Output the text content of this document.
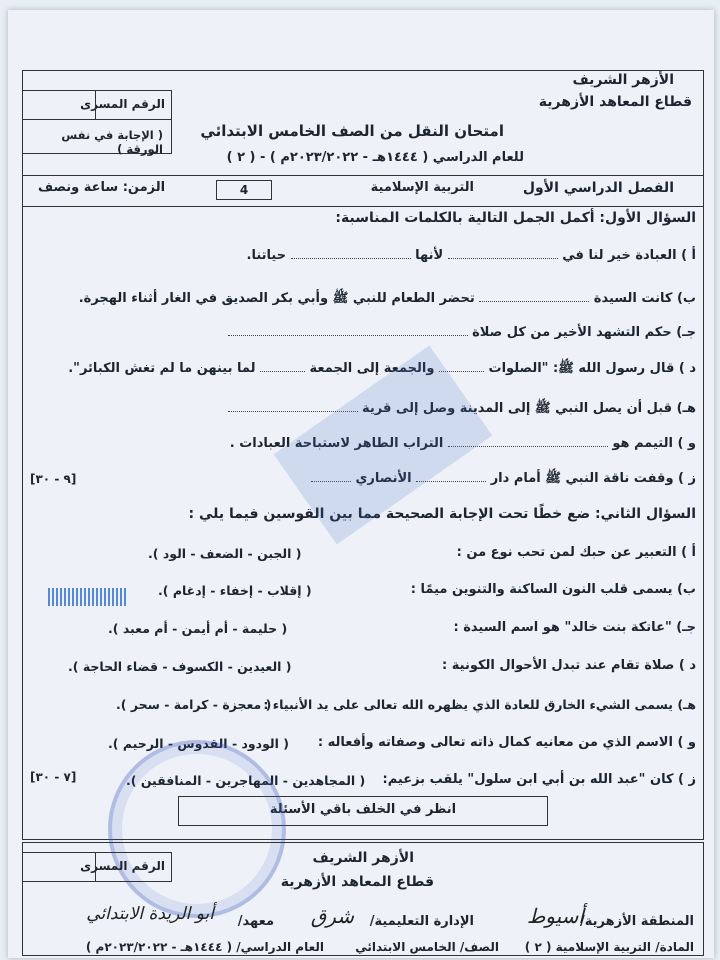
الأزهر الشريف
قطاع المعاهد الأزهرية
امتحان النقل من الصف الخامس الابتدائي
للعام الدراسي ( ١٤٤٤هـ - ٢٠٢٣/٢٠٢٢م ) - ( ٢ )
الرقم المسرى
( الإجابة في نفس الورقة )
الفصل الدراسي الأول
التربية الإسلامية
4
الزمن: ساعة ونصف
السؤال الأول: أكمل الجمل التالية بالكلمات المناسبة:
أ ) العبادة خير لنا في  لأنها  حياتنا.
ب) كانت السيدة  تحضر الطعام للنبي ﷺ وأبي بكر الصديق في الغار أثناء الهجرة.
جـ) حكم التشهد الأخير من كل صلاة
د ) قال رسول الله ﷺ: "الصلوات  والجمعة إلى الجمعة  لما بينهن ما لم تغش الكبائر".
هـ) قبل أن يصل النبي ﷺ إلى المدينة وصل إلى قرية
و ) التيمم هو  التراب الطاهر لاستباحة العبادات .
ز ) وقفت ناقة النبي ﷺ أمام دار  الأنصاري
[٩ - ٣٠]
السؤال الثاني: ضع خطًا تحت الإجابة الصحيحة مما بين القوسين فيما يلي :
أ ) التعبير عن حبك لمن تحب نوع من :
( الجبن - الضعف - الود ).
ب) يسمى قلب النون الساكنة والتنوين ميمًا :
( إقلاب - إخفاء - إدغام ).
جـ) "عاتكة بنت خالد" هو اسم السيدة :
( حليمة - أم أيمن - أم معبد ).
د ) صلاة تقام عند تبدل الأحوال الكونية :
( العيدين - الكسوف - قضاء الحاجة ).
هـ) يسمى الشيء الخارق للعادة الذي يظهره الله تعالى على يد الأنبياء :
( معجزة - كرامة - سحر ).
و ) الاسم الذي من معانيه كمال ذاته تعالى وصفاته وأفعاله :
( الودود - القدوس - الرحيم ).
ز ) كان "عبد الله بن أبي ابن سلول" يلقب بزعيم:
( المجاهدين - المهاجرين - المنافقين ).
[٧ - ٣٠]
انظر في الخلف باقي الأسئلة
الأزهر الشريف
قطاع المعاهد الأزهرية
الرقم المسرى
المنطقة الأزهرية/
أسيوط
الإدارة التعليمية/
شرق
معهد/
أبو الريدة الابتدائي
المادة/ التربية الإسلامية ( ٢ )
الصف/ الخامس الابتدائي
العام الدراسي/ ( ١٤٤٤هـ - ٢٠٢٣/٢٠٢٢م )
